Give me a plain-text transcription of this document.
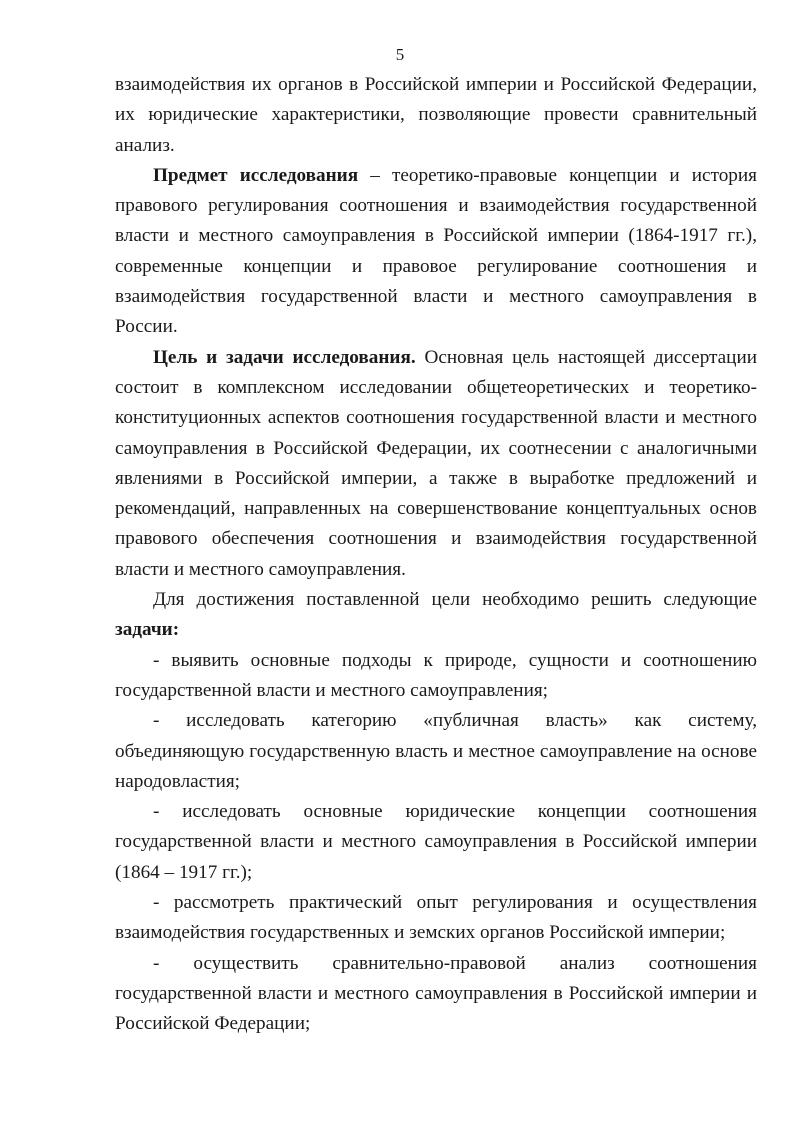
5

взаимодействия их органов в Российской империи и Российской Федерации, их юридические характеристики, позволяющие провести сравнительный анализ.

Предмет исследования – теоретико-правовые концепции и история правового регулирования соотношения и взаимодействия государственной власти и местного самоуправления в Российской империи (1864-1917 гг.), современные концепции и правовое регулирование соотношения и взаимодействия государственной власти и местного самоуправления в России.

Цель и задачи исследования. Основная цель настоящей диссертации состоит в комплексном исследовании общетеоретических и теоретико-конституционных аспектов соотношения государственной власти и местного самоуправления в Российской Федерации, их соотнесении с аналогичными явлениями в Российской империи, а также в выработке предложений и рекомендаций, направленных на совершенствование концептуальных основ правового обеспечения соотношения и взаимодействия государственной власти и местного самоуправления.

Для достижения поставленной цели необходимо решить следующие задачи:

- выявить основные подходы к природе, сущности и соотношению государственной власти и местного самоуправления;

- исследовать категорию «публичная власть» как систему, объединяющую государственную власть и местное самоуправление на основе народовластия;

- исследовать основные юридические концепции соотношения государственной власти и местного самоуправления в Российской империи (1864 – 1917 гг.);

- рассмотреть практический опыт регулирования и осуществления взаимодействия государственных и земских органов Российской империи;

- осуществить сравнительно-правовой анализ соотношения государственной власти и местного самоуправления в Российской империи и Российской Федерации;
